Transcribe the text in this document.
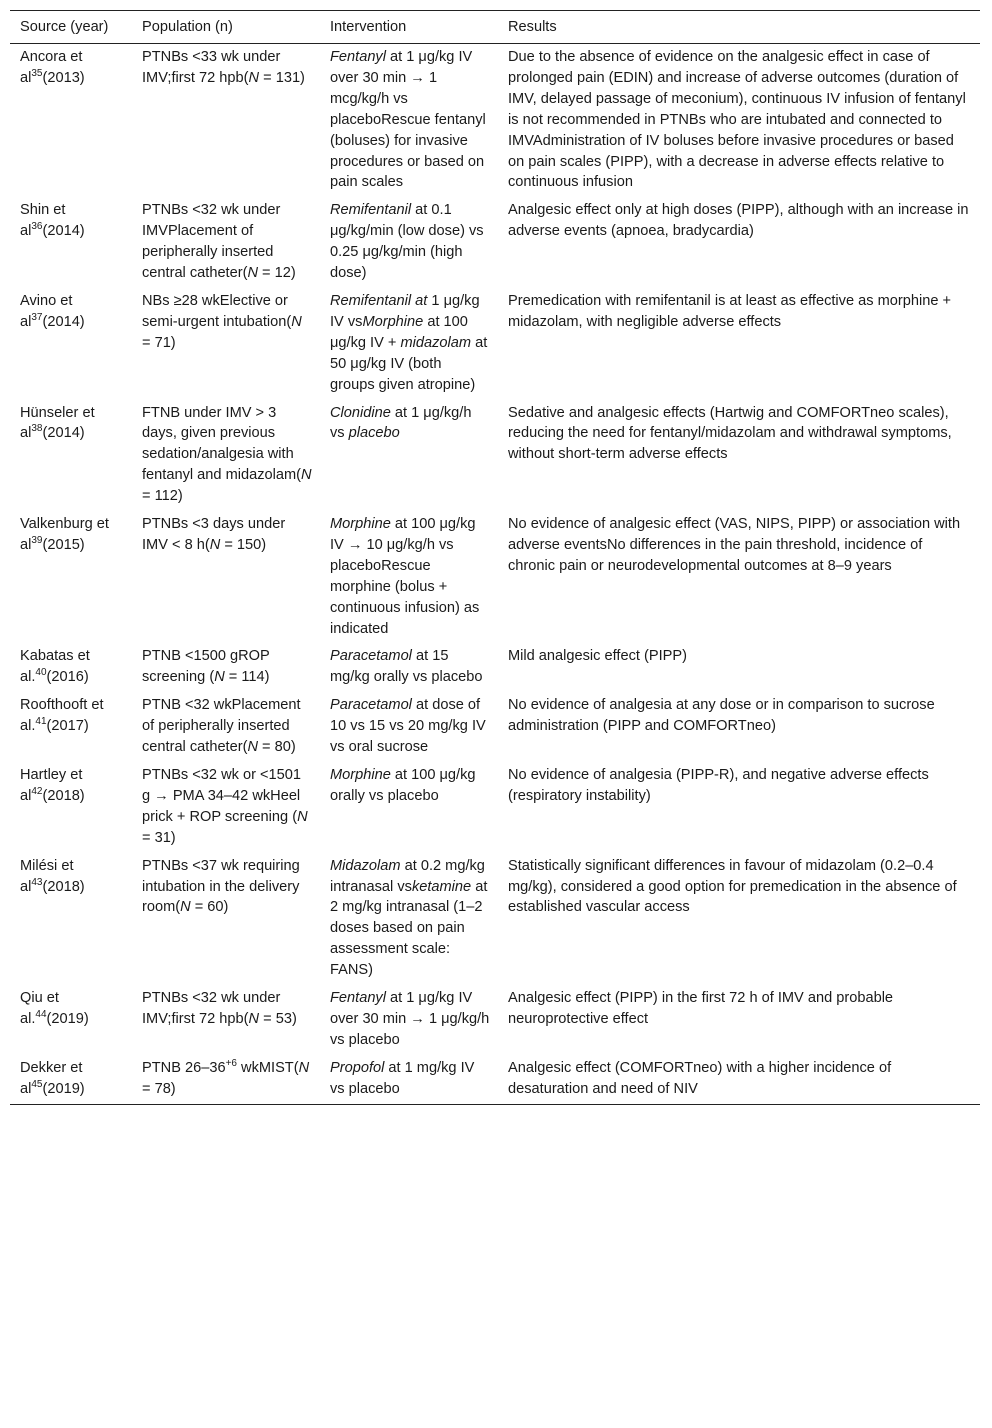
Source (year)	Population (n)	Intervention	Results
Ancora et $al^{35}(2013)$	PTNBs <33 wk under IMV;first 72 hpb(N = 131)	Fentanyl at 1 μg/kg IV over 30 min → 1 mcg/kg/h vs placeboRescue fentanyl (boluses) for invasive procedures or based on pain scales	Due to the absence of evidence on the analgesic effect in case of prolonged pain (EDIN) and increase of adverse outcomes (duration of IMV, delayed passage of meconium), continuous IV infusion of fentanyl is not recommended in PTNBs who are intubated and connected to IMVAdministration of IV boluses before invasive procedures or based on pain scales (PIPP), with a decrease in adverse effects relative to continuous infusion
Shin et $al^{36}(2014)$	PTNBs <32 wk under IMVPlacement of peripherally inserted central catheter(N = 12)	Remifentanil at 0.1 μg/kg/min (low dose) vs 0.25 μg/kg/min (high dose)	Analgesic effect only at high doses (PIPP), although with an increase in adverse events (apnoea, bradycardia)
Avino et $al^{37}(2014)$	NBs ≥28 wkElective or semi-urgent intubation(N = 71)	Remifentanil at 1 μg/kg IV vsMorphine at 100 μg/kg IV + midazolam at 50 μg/kg IV (both groups given atropine)	Premedication with remifentanil is at least as effective as morphine + midazolam, with negligible adverse effects
Hünseler et $al^{38}(2014)$	FTNB under IMV > 3 days, given previous sedation/analgesia with fentanyl and midazolam(N = 112)	Clonidine at 1 μg/kg/h vs placebo	Sedative and analgesic effects (Hartwig and COMFORTneo scales), reducing the need for fentanyl/midazolam and withdrawal symptoms, without short-term adverse effects
Valkenburg et $al^{39}(2015)$	PTNBs <3 days under IMV < 8 h(N = 150)	Morphine at 100 μg/kg IV → 10 μg/kg/h vs placeboRescue morphine (bolus + continuous infusion) as indicated	No evidence of analgesic effect (VAS, NIPS, PIPP) or association with adverse eventsNo differences in the pain threshold, incidence of chronic pain or neurodevelopmental outcomes at 8–9 years
Kabatas et al.$^{40}$(2016)	PTNB <1500 gROP screening (N = 114)	Paracetamol at 15 mg/kg orally vs placebo	Mild analgesic effect (PIPP)
Roofthooft et al.$^{41}$(2017)	PTNB <32 wkPlacement of peripherally inserted central catheter(N = 80)	Paracetamol at dose of 10 vs 15 vs 20 mg/kg IV vs oral sucrose	No evidence of analgesia at any dose or in comparison to sucrose administration (PIPP and COMFORTneo)
Hartley et $al^{42}(2018)$	PTNBs <32 wk or <1501 g → PMA 34–42 wkHeel prick + ROP screening (N = 31)	Morphine at 100 μg/kg orally vs placebo	No evidence of analgesia (PIPP-R), and negative adverse effects (respiratory instability)
Milési et $al^{43}(2018)$	PTNBs <37 wk requiring intubation in the delivery room(N = 60)	Midazolam at 0.2 mg/kg intranasal vsketamine at 2 mg/kg intranasal (1–2 doses based on pain assessment scale: FANS)	Statistically significant differences in favour of midazolam (0.2–0.4 mg/kg), considered a good option for premedication in the absence of established vascular access
Qiu et al.$^{44}$(2019)	PTNBs <32 wk under IMV;first 72 hpb(N = 53)	Fentanyl at 1 μg/kg IV over 30 min → 1 μg/kg/h vs placebo	Analgesic effect (PIPP) in the first 72 h of IMV and probable neuroprotective effect
Dekker et $al^{45}(2019)$	PTNB $26-36^{+6}$ wkMIST(N = 78)	Propofol at 1 mg/kg IV vs placebo	Analgesic effect (COMFORTneo) with a higher incidence of desaturation and need of NIV
